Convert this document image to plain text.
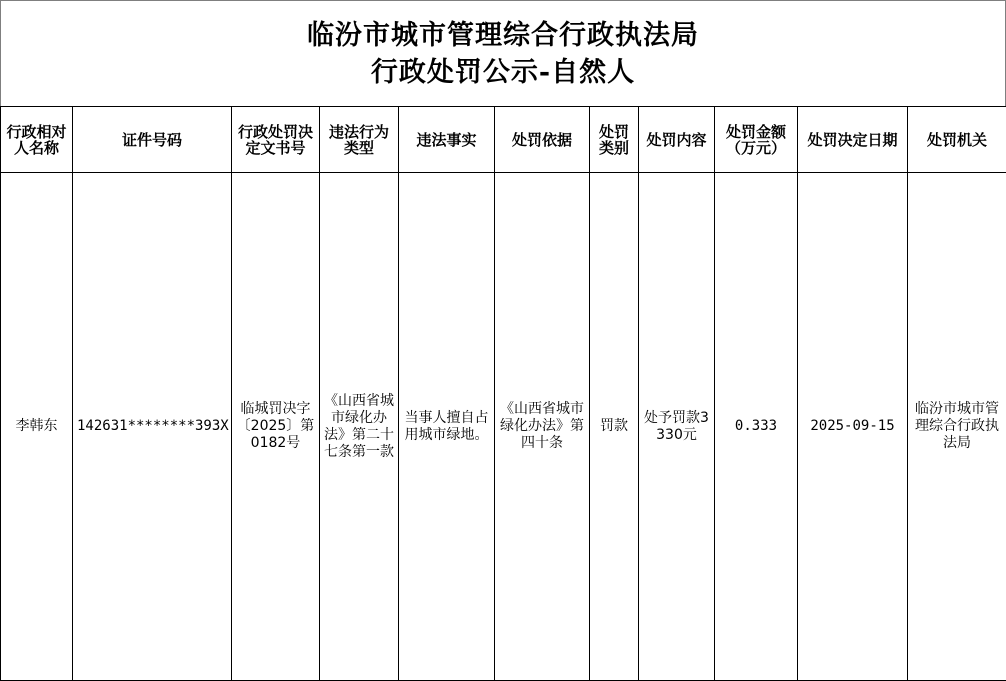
临汾市城市管理综合行政执法局
行政处罚公示-自然人
行政相对人名称	证件号码	行政处罚决定文书号	违法行为类型	违法事实	处罚依据	处罚类别	处罚内容	处罚金额（万元）	处罚决定日期	处罚机关
李韩东	142631********393X	临城罚决字〔2025〕第0182号	《山西省城市绿化办法》第二十七条第一款	当事人擅自占用城市绿地。	《山西省城市绿化办法》第四十条	罚款	处予罚款3330元	0.333	2025-09-15	临汾市城市管理综合行政执法局
